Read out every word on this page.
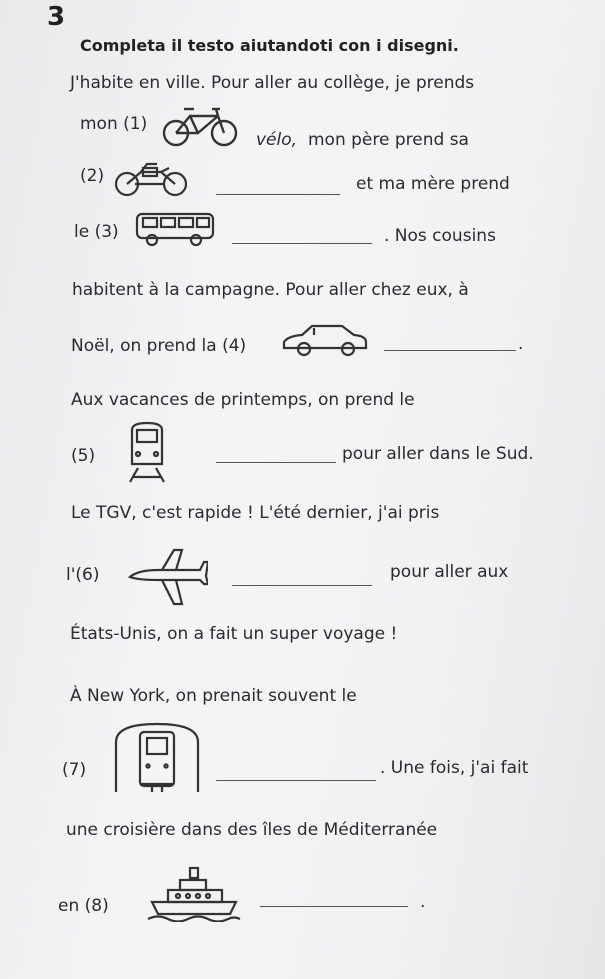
3
Completa il testo aiutandoti con i disegni.
J'habite en ville. Pour aller au collège, je prends
mon (1)
vélo, mon père prend sa
(2)	et ma mère prend
le (3)	. Nos cousins
habitent à la campagne. Pour aller chez eux, à
Noël, on prend la (4)	.
Aux vacances de printemps, on prend le
(5)	pour aller dans le Sud.
Le TGV, c'est rapide ! L'été dernier, j'ai pris
l'(6)	pour aller aux
États-Unis, on a fait un super voyage !
À New York, on prenait souvent le
(7)	. Une fois, j'ai fait
une croisière dans des îles de Méditerranée
en (8)	.
